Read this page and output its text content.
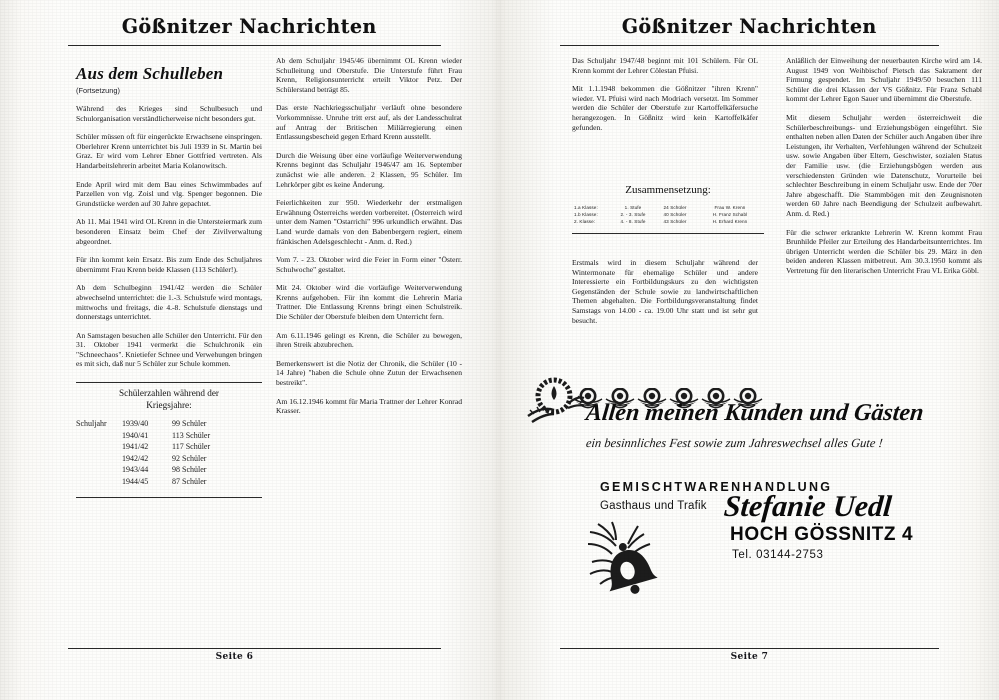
Gößnitzer Nachrichten
Aus dem Schulleben
(Fortsetzung)

Während des Krieges sind Schulbesuch und Schulorganisation verständlicherweise nicht besonders gut.

Schüler müssen oft für eingerückte Erwachsene einspringen. Oberlehrer Krenn unterrichtet bis Juli 1939 in St. Martin bei Graz. Er wird vom Lehrer Ebner Gottfried vertreten. Als Handarbeitslehrerin arbeitet Maria Kolanowitsch.

Ende April wird mit dem Bau eines Schwimmbades auf Parzellen von vlg. Zoisl und vlg. Spenger begonnen. Die Grundstücke werden auf 30 Jahre gepachtet.

Ab 11. Mai 1941 wird OL Krenn in die Untersteiermark zum besonderen Einsatz beim Chef der Zivilverwaltung abgeordnet.

Für ihn kommt kein Ersatz. Bis zum Ende des Schuljahres übernimmt Frau Krenn beide Klassen (113 Schüler!).

Ab dem Schulbeginn 1941/42 werden die Schüler abwechselnd unterrichtet: die 1.-3. Schulstufe wird montags, mittwochs und freitags, die 4.-8. Schulstufe dienstags und donnerstags unterrichtet.

An Samstagen besuchen alle Schüler den Unterricht. Für den 31. Oktober 1941 vermerkt die Schulchronik ein "Schneechaos". Knietiefer Schnee und Verwehungen bringen es mit sich, daß nur 5 Schüler zur Schule kommen.

Schülerzahlen während der
Kriegsjahre:
Schuljahr	1939/40	99 Schüler
1940/41	113 Schüler
1941/42	117 Schüler
1942/42	92 Schüler
1943/44	98 Schüler
1944/45	87 Schüler

Ab dem Schuljahr 1945/46 übernimmt OL Krenn wieder Schulleitung und Oberstufe. Die Unterstufe führt Frau Krenn, Religionsunterricht erteilt Viktor Petz. Der Schülerstand beträgt 85.

Das erste Nachkriegsschuljahr verläuft ohne besondere Vorkommnisse. Unruhe tritt erst auf, als der Landesschulrat auf Antrag der Britischen Miliärregierung einen Entlassungsbescheid gegen Erhard Krenn ausstellt.

Durch die Weisung über eine vorläufige Weiterverwendung Krenns beginnt das Schuljahr 1946/47 am 16. September zunächst wie alle anderen. 2 Klassen, 95 Schüler. Im Lehrkörper gibt es keine Änderung.

Feierlichkeiten zur 950. Wiederkehr der erstmaligen Erwähnung Österreichs werden vorbereitet. (Österreich wird unter dem Namen "Ostarrichi" 996 urkundlich erwähnt. Das Land wurde damals von den Babenbergern regiert, einem fränkischen Adelsgeschlecht - Anm. d. Red.)

Vom 7. - 23. Oktober wird die Feier in Form einer "Österr. Schulwoche" gestaltet.

Mit 24. Oktober wird die vorläufige Weiterverwendung Krenns aufgehoben. Für ihn kommt die Lehrerin Maria Trattner. Die Entlassung Krenns bringt einen Schulstreik. Die Schüler der Oberstufe bleiben dem Unterricht fern.

Am 6.11.1946 gelingt es Krenn, die Schüler zu bewegen, ihren Streik abzubrechen.

Bemerkenswert ist die Notiz der Chronik, die Schüler (10 - 14 Jahre) "haben die Schule ohne Zutun der Erwachsenen bestreikt".

Am 16.12.1946 kommt für Maria Trattner der Lehrer Konrad Krasser.

Seite 6
Gößnitzer Nachrichten
Seite 7

Das Schuljahr 1947/48 beginnt mit 101 Schülern. Für OL Krenn kommt der Lehrer Cölestan Pfuisi.

Mit 1.1.1948 bekommen die Gößnitzer "ihren Krenn" wieder. VL Pfuisi wird nach Modriach versetzt. Im Sommer werden die Schüler der Oberstufe zur Kartoffelkäfersuche herangezogen. In Gößnitz wird kein Kartoffelkäfer gefunden.

Zusammensetzung:
1.a Klasse:	1. Stufe	24 Schüler	Frau W. Krenn
1.b Klasse:	2. - 3. Stufe	40 Schüler	H. Franz Schabl
2. Klasse:	4. - 8. Stufe	43 Schüler	H. Erhard Krenn

Erstmals wird in diesem Schuljahr während der Wintermonate für ehemalige Schüler und andere Interessierte ein Fortbildungskurs zu den wichtigsten Gegenständen der Schule sowie zu landwirtschaftlichen Themen abgehalten. Die Fortbildungsveranstaltung findet Samstags von 14.00 - ca. 19.00 Uhr statt und ist sehr gut besucht.

Anläßlich der Einweihung der neuerbauten Kirche wird am 14. August 1949 von Weihbischof Pietsch das Sakrament der Firmung gespendet. Im Schuljahr 1949/50 besuchen 111 Schüler die drei Klassen der VS Gößnitz. Für Franz Schabl kommt der Lehrer Egon Sauer und übernimmt die Oberstufe.

Mit diesem Schuljahr werden österreichweit die Schülerbeschreibungs- und Erziehungsbögen eingeführt. Sie enthalten neben allen Daten der Schüler auch Angaben über ihre Leistungen, ihr Verhalten, Verfehlungen während der Schulzeit usw. sowie Angaben über Eltern, Geschwister, sozialen Status der Familie usw. (die Erziehungsbögen werden aus verschiedensten Gründen wie Datenschutz, Vorurteile bei schlechter Beschreibung in einem Schuljahr usw. Ende der 70er Jahre abgeschafft. Die Stammbögen mit den Zeugnisnoten werden 60 Jahre nach Beendigung der Schulzeit aufbewahrt. Anm. d. Red.)

Für die schwer erkrankte Lehrerin W. Krenn kommt Frau Brunhilde Pfeiler zur Erteilung des Handarbeitsunterrichtes. Im übrigen Unterricht werden die Schüler bis 29. März in den beiden anderen Klassen mitbetreut. Am 30.3.1950 kommt als Vertretung für den literarischen Unterricht Frau VL Erika Göbl.

Allen meinen Kunden und Gästen
ein besinnliches Fest sowie zum Jahreswechsel alles Gute !
GEMISCHTWARENHANDLUNG
Gasthaus und Trafik Stefanie Uedl
HOCH GÖSSNITZ 4
Tel. 03144-2753
